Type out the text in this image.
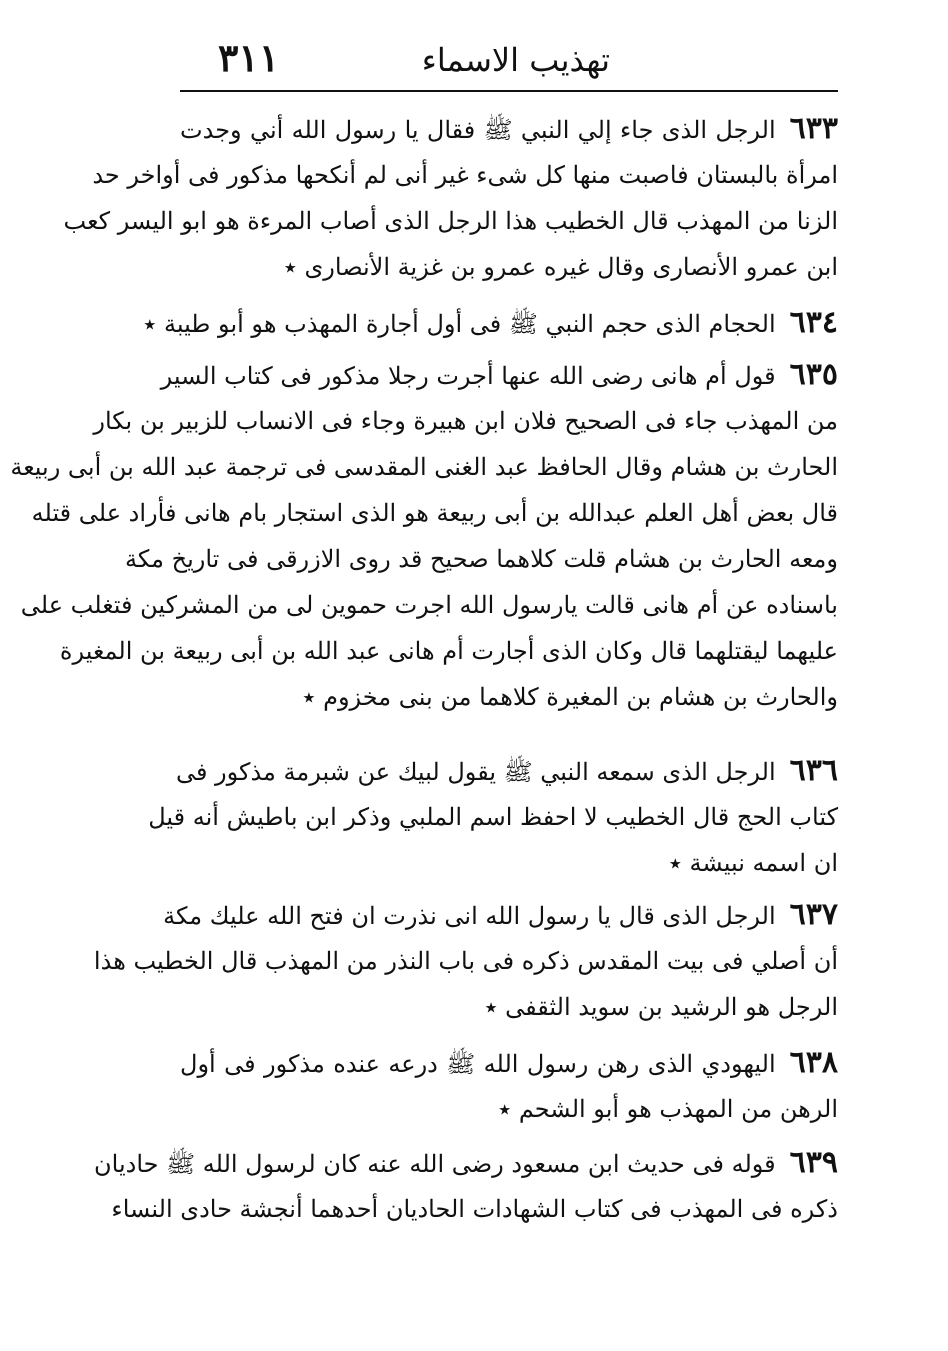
تهذيب الاسماء
٣١١
٦٣٣الرجل الذى جاء إلي النبي ﷺ فقال يا رسول الله أني وجدت
امرأة بالبستان فاصبت منها كل شىء غير أنى لم أنكحها مذكور فى أواخر حد
الزنا من المهذب قال الخطيب هذا الرجل الذى أصاب المرءة هو ابو اليسر كعب
ابن عمرو الأنصارى وقال غيره عمرو بن غزية الأنصارى ٭
٦٣٤الحجام الذى حجم النبي ﷺ فى أول أجارة المهذب هو أبو طيبة ٭
٦٣٥قول أم هانى رضى الله عنها أجرت رجلا مذكور فى كتاب السير
من المهذب جاء فى الصحيح فلان ابن هبيرة وجاء فى الانساب للزبير بن بكار
الحارث بن هشام وقال الحافظ عبد الغنى المقدسى فى ترجمة عبد الله بن أبى ربيعة
قال بعض أهل العلم عبدالله بن أبى ربيعة هو الذى استجار بام هانى فأراد على قتله
ومعه الحارث بن هشام قلت كلاهما صحيح قد روى الازرقى فى تاريخ مكة
باسناده عن أم هانى قالت يارسول الله اجرت حموين لى من المشركين فتغلب على
عليهما ليقتلهما قال وكان الذى أجارت أم هانى عبد الله بن أبى ربيعة بن المغيرة
والحارث بن هشام بن المغيرة كلاهما من بنى مخزوم ٭
٦٣٦الرجل الذى سمعه النبي ﷺ يقول لبيك عن شبرمة مذكور فى
كتاب الحج قال الخطيب لا احفظ اسم الملبي وذكر ابن باطيش أنه قيل
ان اسمه نبيشة ٭
٦٣٧الرجل الذى قال يا رسول الله انى نذرت ان فتح الله عليك مكة
أن أصلي فى بيت المقدس ذكره فى باب النذر من المهذب قال الخطيب هذا
الرجل هو الرشيد بن سويد الثقفى ٭
٦٣٨اليهودي الذى رهن رسول الله ﷺ درعه عنده مذكور فى أول
الرهن من المهذب هو أبو الشحم ٭
٦٣٩قوله فى حديث ابن مسعود رضى الله عنه كان لرسول الله ﷺ حاديان
ذكره فى المهذب فى كتاب الشهادات الحاديان أحدهما أنجشة حادى النساء
